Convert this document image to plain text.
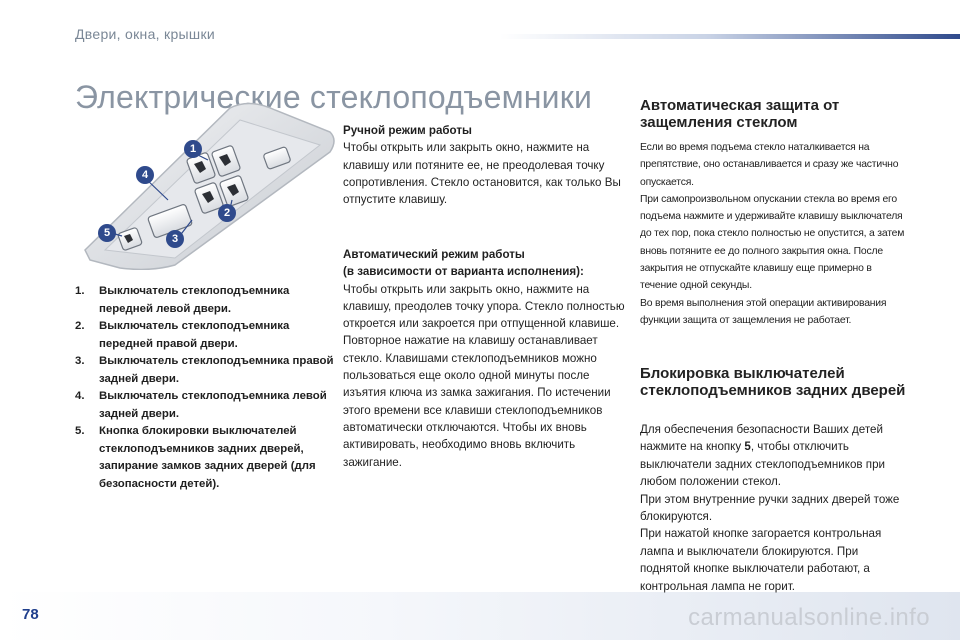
Двери, окна, крышки
Электрические стеклоподъемники
1
2
3
4
5
1.	Выключатель стеклоподъемника передней левой двери.
2.	Выключатель стеклоподъемника передней правой двери.
3.	Выключатель стеклоподъемника правой задней двери.
4.	Выключатель стеклоподъемника левой задней двери.
5.	Кнопка блокировки выключателей стеклоподъемников задних дверей, запирание замков задних дверей (для безопасности детей).
Ручной режим работы

Чтобы открыть или закрыть окно, нажмите на клавишу или потяните ее, не преодолевая точку сопротивления. Стекло остановится, как только Вы отпустите клавишу.

Автоматический режим работы
(в зависимости от варианта исполнения):

Чтобы открыть или закрыть окно, нажмите на клавишу, преодолев точку упора. Стекло полностью откроется или закроется при отпущенной клавише. Повторное нажатие на клавишу останавливает стекло. Клавишами стеклоподъемников можно пользоваться еще около одной минуты после изъятия ключа из замка зажигания. По истечении этого времени все клавиши стеклоподъемников автоматически отключаются. Чтобы их вновь активировать, необходимо вновь включить зажигание.

Автоматическая защита от защемления стеклом
Если во время подъема стекло наталкивается на препятствие, оно останавливается и сразу же частично опускается.
При самопроизвольном опускании стекла во время его подъема нажмите и удерживайте клавишу выключателя до тех пор, пока стекло полностью не опустится, а затем вновь потяните ее до полного закрытия окна. После закрытия не отпускайте клавишу еще примерно в течение одной секунды.
Во время выполнения этой операции активирования функции защита от защемления не работает.
Блокировка выключателей стеклоподъемников задних дверей
Для обеспечения безопасности Ваших детей нажмите на кнопку 5, чтобы отключить выключатели задних стеклоподъемников при любом положении стекол.
При этом внутренние ручки задних дверей тоже блокируются.
При нажатой кнопке загорается контрольная лампа и выключатели блокируются. При поднятой кнопке выключатели работают, а контрольная лампа не горит.
78	carmanualsonline.info
